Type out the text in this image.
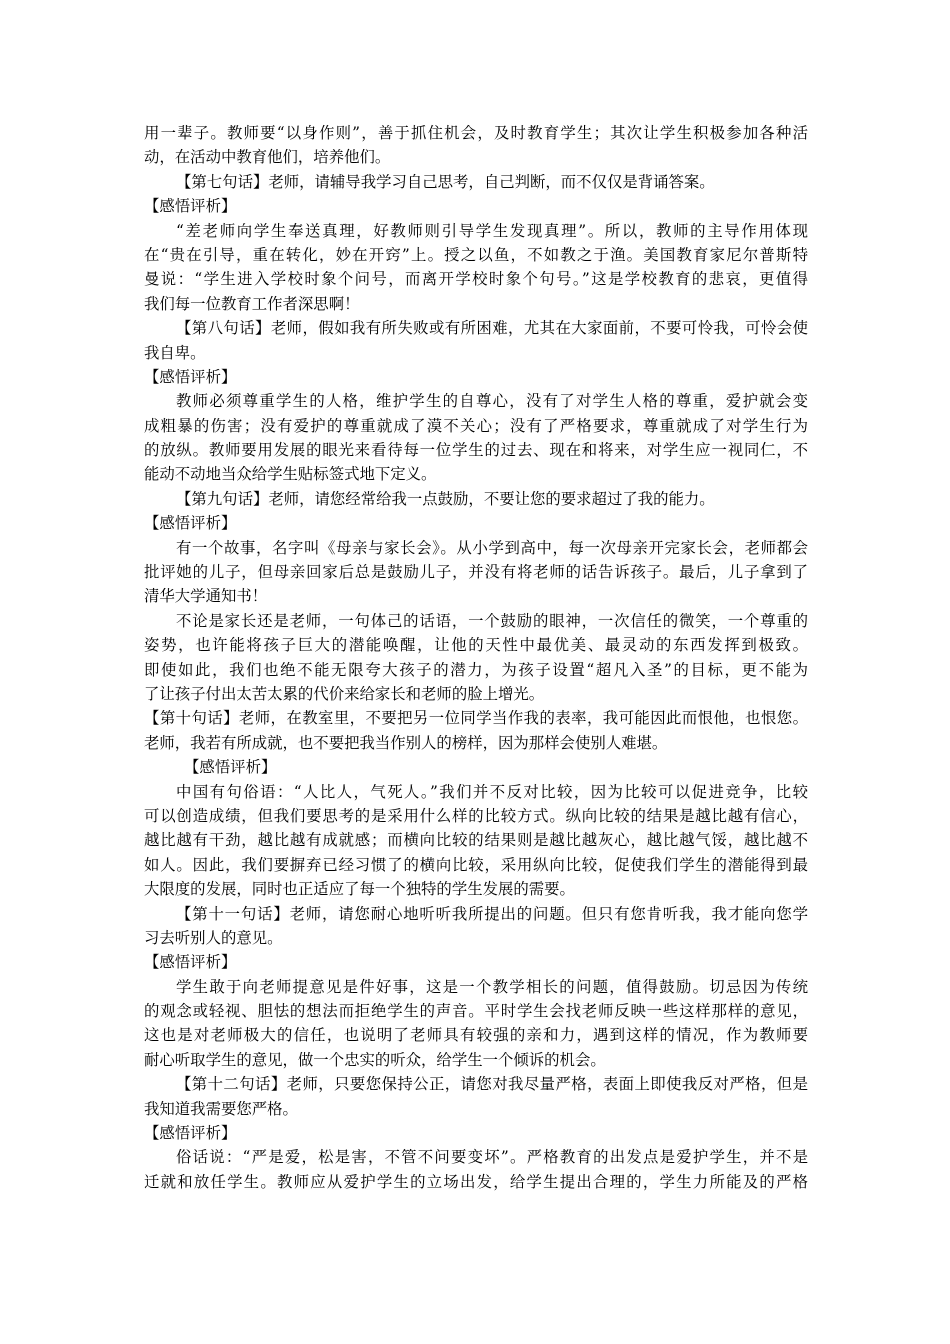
用一辈子。教师要“以身作则”，善于抓住机会，及时教育学生；其次让学生积极参加各种活
动，在活动中教育他们，培养他们。
【第七句话】老师，请辅导我学习自己思考，自己判断，而不仅仅是背诵答案。
【感悟评析】
“差老师向学生奉送真理，好教师则引导学生发现真理”。所以，教师的主导作用体现
在“贵在引导，重在转化，妙在开窍”上。授之以鱼，不如教之于渔。美国教育家尼尔普斯特
曼说：“学生进入学校时象个问号，而离开学校时象个句号。”这是学校教育的悲哀，更值得
我们每一位教育工作者深思啊！
【第八句话】老师，假如我有所失败或有所困难，尤其在大家面前，不要可怜我，可怜会使
我自卑。
【感悟评析】
教师必须尊重学生的人格，维护学生的自尊心，没有了对学生人格的尊重，爱护就会变
成粗暴的伤害；没有爱护的尊重就成了漠不关心；没有了严格要求，尊重就成了对学生行为
的放纵。教师要用发展的眼光来看待每一位学生的过去、现在和将来，对学生应一视同仁，不
能动不动地当众给学生贴标签式地下定义。
【第九句话】老师，请您经常给我一点鼓励，不要让您的要求超过了我的能力。
【感悟评析】
有一个故事，名字叫《母亲与家长会》。从小学到高中，每一次母亲开完家长会，老师都会
批评她的儿子，但母亲回家后总是鼓励儿子，并没有将老师的话告诉孩子。最后，儿子拿到了
清华大学通知书！
不论是家长还是老师，一句体己的话语，一个鼓励的眼神，一次信任的微笑，一个尊重的
姿势，也许能将孩子巨大的潜能唤醒，让他的天性中最优美、最灵动的东西发挥到极致。
即使如此，我们也绝不能无限夸大孩子的潜力，为孩子设置“超凡入圣”的目标，更不能为
了让孩子付出太苦太累的代价来给家长和老师的脸上增光。
【第十句话】老师，在教室里，不要把另一位同学当作我的表率，我可能因此而恨他，也恨您。
老师，我若有所成就，也不要把我当作别人的榜样，因为那样会使别人难堪。
【感悟评析】
中国有句俗语：“人比人，气死人。”我们并不反对比较，因为比较可以促进竞争，比较
可以创造成绩，但我们要思考的是采用什么样的比较方式。纵向比较的结果是越比越有信心，
越比越有干劲，越比越有成就感；而横向比较的结果则是越比越灰心，越比越气馁，越比越不
如人。因此，我们要摒弃已经习惯了的横向比较，采用纵向比较，促使我们学生的潜能得到最
大限度的发展，同时也正适应了每一个独特的学生发展的需要。
【第十一句话】老师，请您耐心地听听我所提出的问题。但只有您肯听我，我才能向您学
习去听别人的意见。
【感悟评析】
学生敢于向老师提意见是件好事，这是一个教学相长的问题，值得鼓励。切忌因为传统
的观念或轻视、胆怯的想法而拒绝学生的声音。平时学生会找老师反映一些这样那样的意见，
这也是对老师极大的信任，也说明了老师具有较强的亲和力，遇到这样的情况，作为教师要
耐心听取学生的意见，做一个忠实的听众，给学生一个倾诉的机会。
【第十二句话】老师，只要您保持公正，请您对我尽量严格，表面上即使我反对严格，但是
我知道我需要您严格。
【感悟评析】
俗话说：“严是爱，松是害，不管不问要变坏”。严格教育的出发点是爱护学生，并不是
迁就和放任学生。教师应从爱护学生的立场出发，给学生提出合理的，学生力所能及的严格
